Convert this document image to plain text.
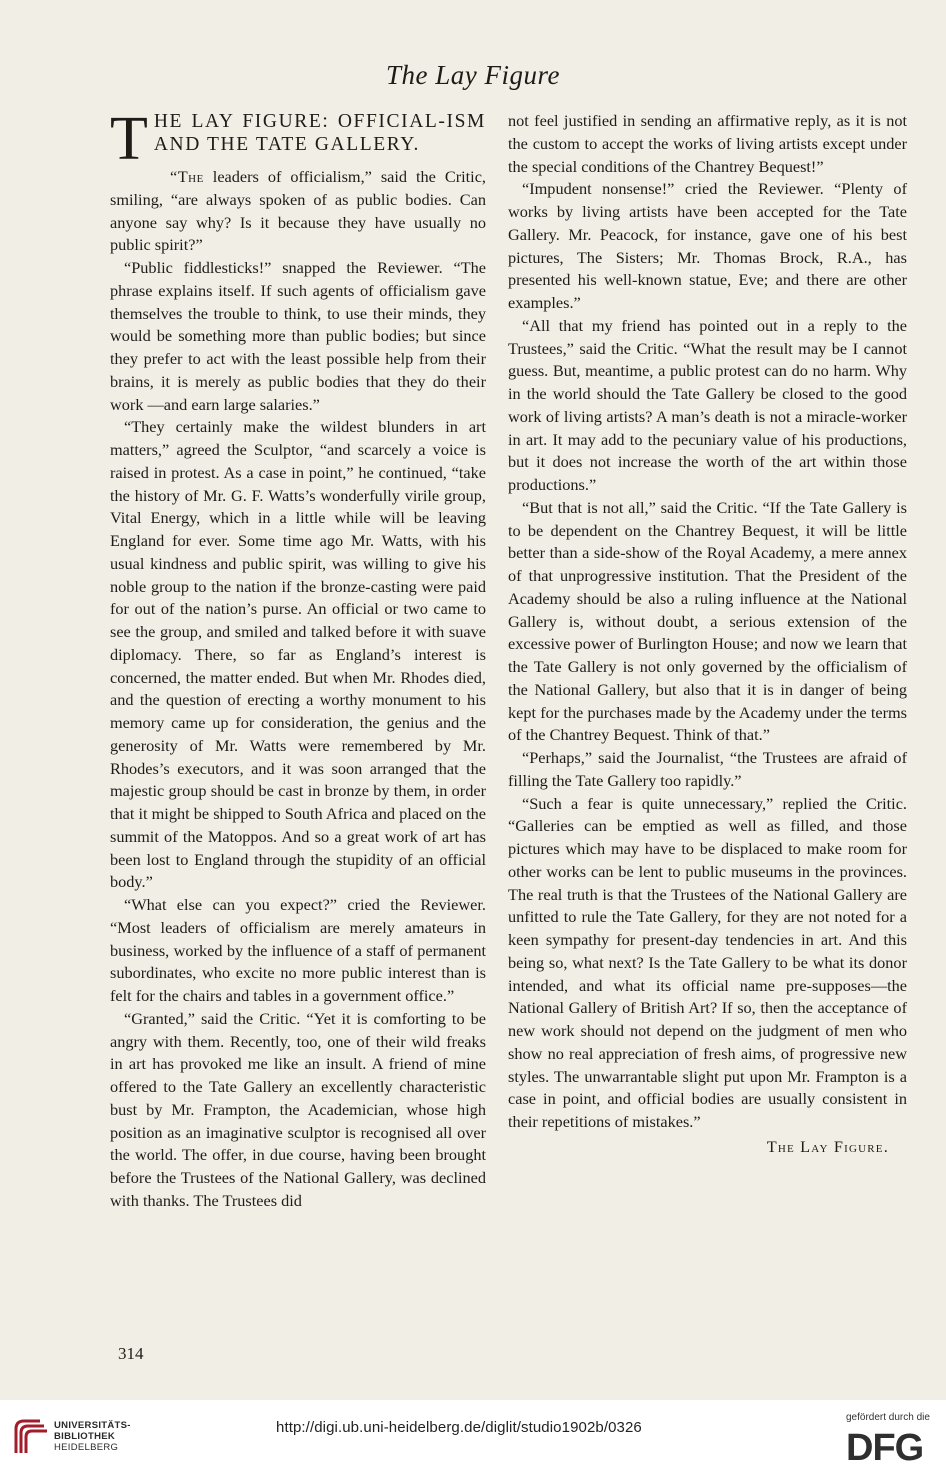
The Lay Figure
T HE LAY FIGURE: OFFICIAL-ISM AND THE TATE GALLERY.

“The leaders of officialism,” said the Critic, smiling, “are always spoken of as public bodies. Can anyone say why? Is it because they have usually no public spirit?”

“Public fiddlesticks!” snapped the Reviewer. “The phrase explains itself. If such agents of officialism gave themselves the trouble to think, to use their minds, they would be something more than public bodies; but since they prefer to act with the least possible help from their brains, it is merely as public bodies that they do their work —and earn large salaries.”

“They certainly make the wildest blunders in art matters,” agreed the Sculptor, “and scarcely a voice is raised in protest. As a case in point,” he continued, “take the history of Mr. G. F. Watts’s wonderfully virile group, Vital Energy, which in a little while will be leaving England for ever. Some time ago Mr. Watts, with his usual kindness and public spirit, was willing to give his noble group to the nation if the bronze-casting were paid for out of the nation’s purse. An official or two came to see the group, and smiled and talked before it with suave diplomacy. There, so far as England’s interest is concerned, the matter ended. But when Mr. Rhodes died, and the question of erecting a worthy monument to his memory came up for consideration, the genius and the generosity of Mr. Watts were remembered by Mr. Rhodes’s executors, and it was soon arranged that the majestic group should be cast in bronze by them, in order that it might be shipped to South Africa and placed on the summit of the Matoppos. And so a great work of art has been lost to England through the stupidity of an official body.”

“What else can you expect?” cried the Reviewer. “Most leaders of officialism are merely amateurs in business, worked by the influence of a staff of permanent subordinates, who excite no more public interest than is felt for the chairs and tables in a government office.”

“Granted,” said the Critic. “Yet it is comforting to be angry with them. Recently, too, one of their wild freaks in art has provoked me like an insult. A friend of mine offered to the Tate Gallery an excellently characteristic bust by Mr. Frampton, the Academician, whose high position as an imaginative sculptor is recognised all over the world. The offer, in due course, having been brought before the Trustees of the National Gallery, was declined with thanks. The Trustees did

not feel justified in sending an affirmative reply, as it is not the custom to accept the works of living artists except under the special conditions of the Chantrey Bequest!”

“Impudent nonsense!” cried the Reviewer. “Plenty of works by living artists have been accepted for the Tate Gallery. Mr. Peacock, for instance, gave one of his best pictures, The Sisters; Mr. Thomas Brock, R.A., has presented his well-known statue, Eve; and there are other examples.”

“All that my friend has pointed out in a reply to the Trustees,” said the Critic. “What the result may be I cannot guess. But, meantime, a public protest can do no harm. Why in the world should the Tate Gallery be closed to the good work of living artists? A man’s death is not a miracle-worker in art. It may add to the pecuniary value of his productions, but it does not increase the worth of the art within those productions.”

“But that is not all,” said the Critic. “If the Tate Gallery is to be dependent on the Chantrey Bequest, it will be little better than a side-show of the Royal Academy, a mere annex of that unprogressive institution. That the President of the Academy should be also a ruling influence at the National Gallery is, without doubt, a serious extension of the excessive power of Burlington House; and now we learn that the Tate Gallery is not only governed by the officialism of the National Gallery, but also that it is in danger of being kept for the purchases made by the Academy under the terms of the Chantrey Bequest. Think of that.”

“Perhaps,” said the Journalist, “the Trustees are afraid of filling the Tate Gallery too rapidly.”

“Such a fear is quite unnecessary,” replied the Critic. “Galleries can be emptied as well as filled, and those pictures which may have to be displaced to make room for other works can be lent to public museums in the provinces. The real truth is that the Trustees of the National Gallery are unfitted to rule the Tate Gallery, for they are not noted for a keen sympathy for present-day tendencies in art. And this being so, what next? Is the Tate Gallery to be what its donor intended, and what its official name pre-supposes—the National Gallery of British Art? If so, then the acceptance of new work should not depend on the judgment of men who show no real appreciation of fresh aims, of progressive new styles. The unwarrantable slight put upon Mr. Frampton is a case in point, and official bodies are usually consistent in their repetitions of mistakes.”

The Lay Figure.
314
UNIVERSITÄTS-
BIBLIOTHEK
HEIDELBERG
http://digi.ub.uni-heidelberg.de/diglit/studio1902b/0326
gefördert durch die
DFG
